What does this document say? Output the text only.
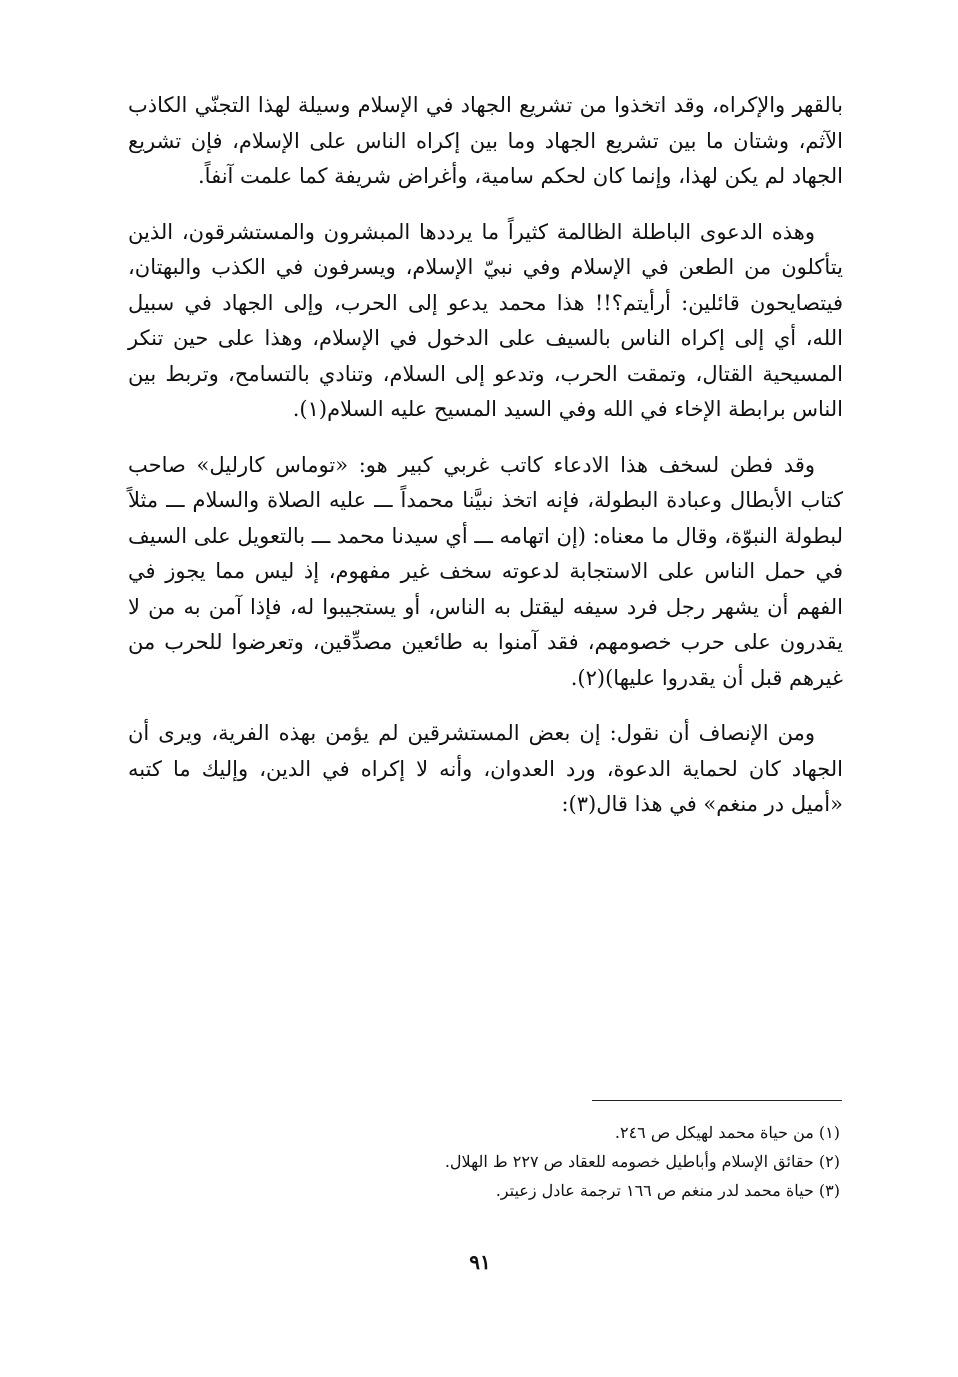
بالقهر والإكراه، وقد اتخذوا من تشريع الجهاد في الإسلام وسيلة لهذا التجنّي الكاذب الآثم، وشتان ما بين تشريع الجهاد وما بين إكراه الناس على الإسلام، فإن تشريع الجهاد لم يكن لهذا، وإنما كان لحكم سامية، وأغراض شريفة كما علمت آنفاً.

وهذه الدعوى الباطلة الظالمة كثيراً ما يرددها المبشرون والمستشرقون، الذين يتأكلون من الطعن في الإسلام وفي نبيّ الإسلام، ويسرفون في الكذب والبهتان، فيتصايحون قائلين: أرأيتم؟!! هذا محمد يدعو إلى الحرب، وإلى الجهاد في سبيل الله، أي إلى إكراه الناس بالسيف على الدخول في الإسلام، وهذا على حين تنكر المسيحية القتال، وتمقت الحرب، وتدعو إلى السلام، وتنادي بالتسامح، وتربط بين الناس برابطة الإخاء في الله وفي السيد المسيح عليه السلام(١).

وقد فطن لسخف هذا الادعاء كاتب غربي كبير هو: «توماس كارليل» صاحب كتاب الأبطال وعبادة البطولة، فإنه اتخذ نبيَّنا محمداً ـــ عليه الصلاة والسلام ـــ مثلاً لبطولة النبوّة، وقال ما معناه: (إن اتهامه ـــ أي سيدنا محمد ـــ بالتعويل على السيف في حمل الناس على الاستجابة لدعوته سخف غير مفهوم، إذ ليس مما يجوز في الفهم أن يشهر رجل فرد سيفه ليقتل به الناس، أو يستجيبوا له، فإذا آمن به من لا يقدرون على حرب خصومهم، فقد آمنوا به طائعين مصدِّقين، وتعرضوا للحرب من غيرهم قبل أن يقدروا عليها)(٢).

ومن الإنصاف أن نقول: إن بعض المستشرقين لم يؤمن بهذه الفرية، ويرى أن الجهاد كان لحماية الدعوة، ورد العدوان، وأنه لا إكراه في الدين، وإليك ما كتبه «أميل در منغم» في هذا قال(٣):

(١) من حياة محمد لهيكل ص ٢٤٦.
(٢) حقائق الإسلام وأباطيل خصومه للعقاد ص ٢٢٧ ط الهلال.
(٣) حياة محمد لدر منغم ص ١٦٦ ترجمة عادل زعيتر.
٩١
